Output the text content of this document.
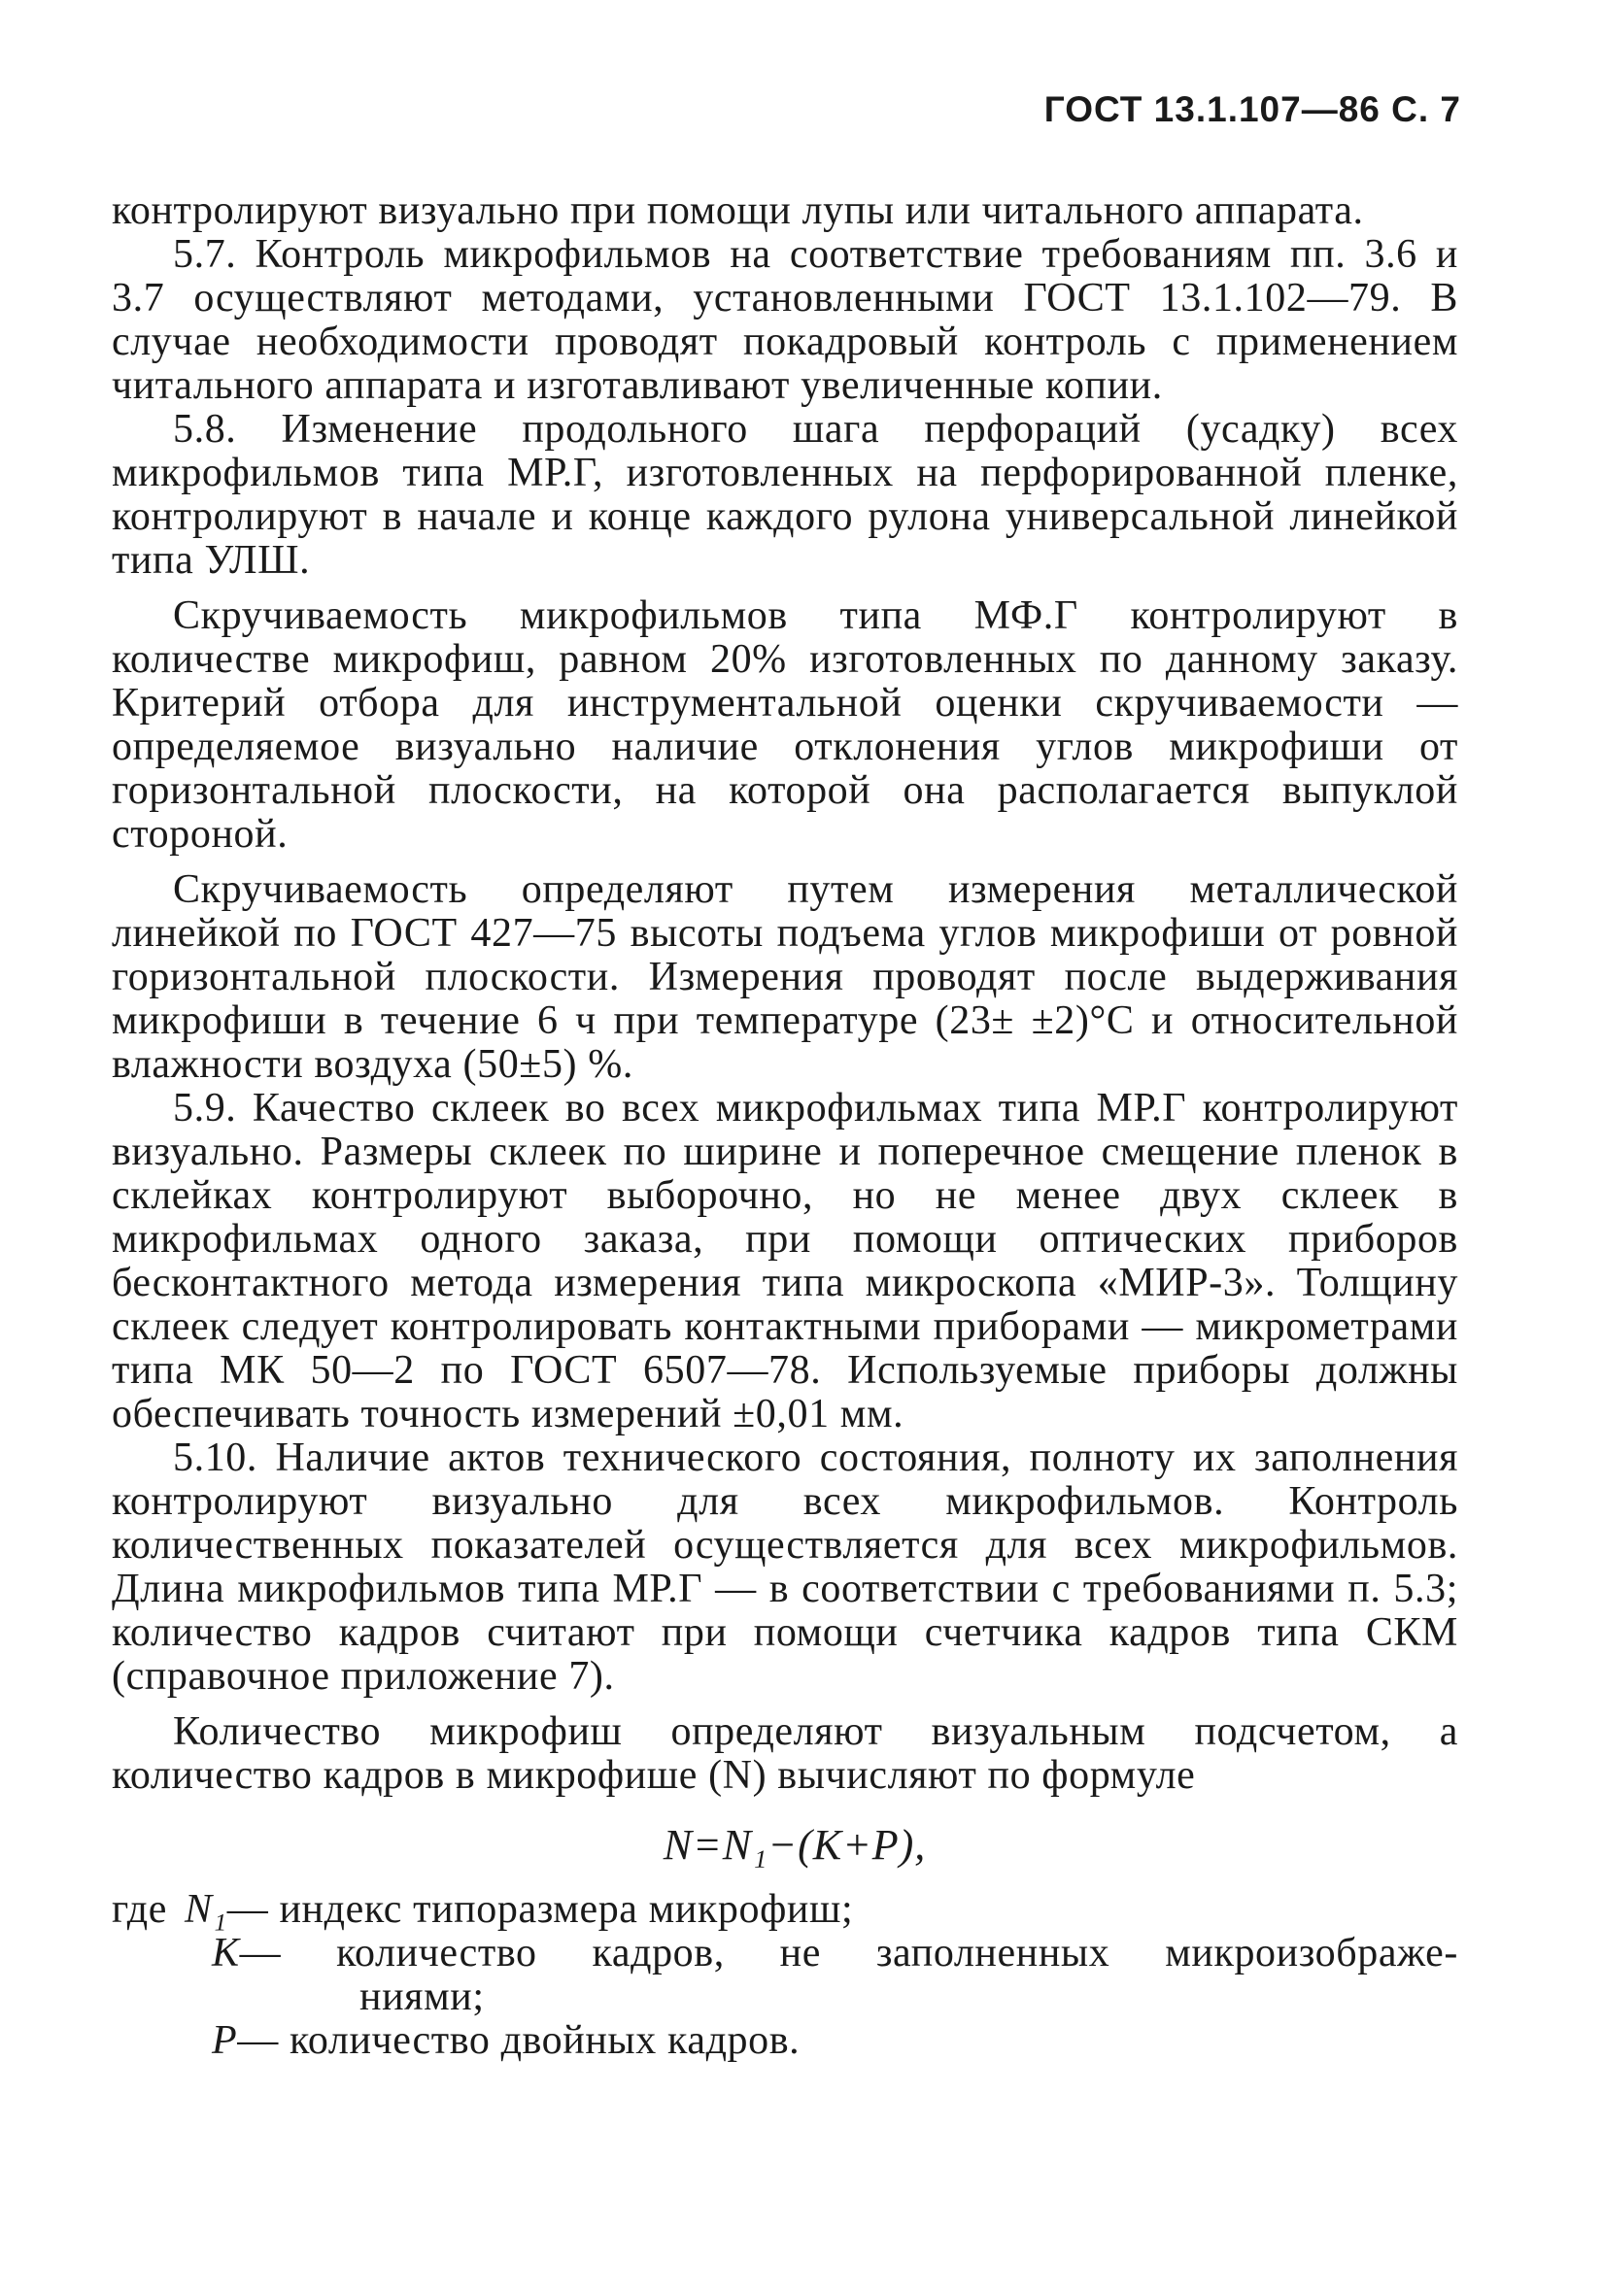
ГОСТ 13.1.107—86 С. 7

контролируют визуально при помощи лупы или читального аппарата.

5.7. Контроль микрофильмов на соответствие требованиям пп. 3.6 и 3.7 осуществляют методами, установленными ГОСТ 13.1.102—79. В случае необходимости проводят покадровый контроль с применением читального аппарата и изготавливают увеличенные копии.

5.8. Изменение продольного шага перфораций (усадку) всех микрофильмов типа МР.Г, изготовленных на перфорированной пленке, контролируют в начале и конце каждого рулона универсальной линейкой типа УЛШ.

Скручиваемость микрофильмов типа МФ.Г контролируют в количестве микрофиш, равном 20% изготовленных по данному заказу. Критерий отбора для инструментальной оценки скручиваемости — определяемое визуально наличие отклонения углов микрофиши от горизонтальной плоскости, на которой она располагается выпуклой стороной.

Скручиваемость определяют путем измерения металлической линейкой по ГОСТ 427—75 высоты подъема углов микрофиши от ровной горизонтальной плоскости. Измерения проводят после выдерживания микрофиши в течение 6 ч при температуре (23± ±2)°С и относительной влажности воздуха (50±5) %.

5.9. Качество склеек во всех микрофильмах типа МР.Г контролируют визуально. Размеры склеек по ширине и поперечное смещение пленок в склейках контролируют выборочно, но не менее двух склеек в микрофильмах одного заказа, при помощи оптических приборов бесконтактного метода измерения типа микроскопа «МИР-3». Толщину склеек следует контролировать контактными приборами — микрометрами типа МК 50—2 по ГОСТ 6507—78. Используемые приборы должны обеспечивать точность измерений ±0,01 мм.

5.10. Наличие актов технического состояния, полноту их заполнения контролируют визуально для всех микрофильмов. Контроль количественных показателей осуществляется для всех микрофильмов. Длина микрофильмов типа МР.Г — в соответствии с требованиями п. 5.3; количество кадров считают при помощи счетчика кадров типа СКМ (справочное приложение 7).

Количество микрофиш определяют визуальным подсчетом, а количество кадров в микрофише (N) вычисляют по формуле

N=N₁−(K+P),
где N₁ — индекс типоразмера микрофиш;
K — количество кадров, не заполненных микроизображе-
ниями;
P — количество двойных кадров.
